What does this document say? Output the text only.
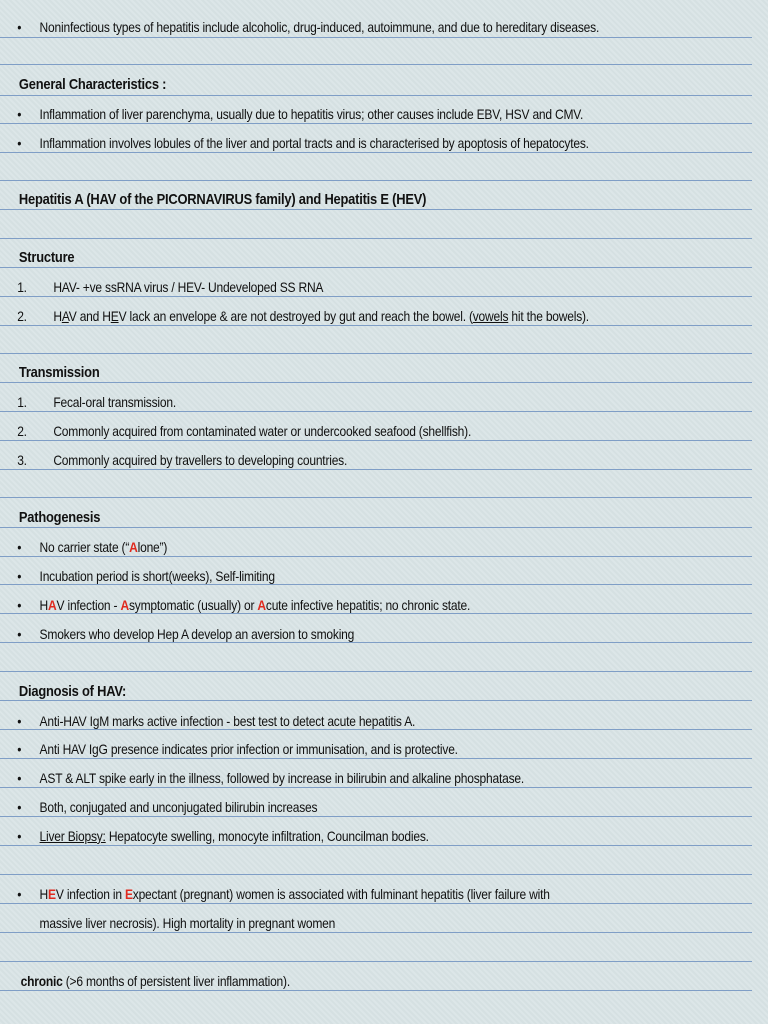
• Noninfectious types of hepatitis include alcoholic, drug-induced, autoimmune, and due to hereditary diseases.
General Characteristics :
• Inflammation of liver parenchyma, usually due to hepatitis virus; other causes include EBV, HSV and CMV.
• Inflammation involves lobules of the liver and portal tracts and is characterised by apoptosis of hepatocytes.
Hepatitis A (HAV of the PICORNAVIRUS family) and Hepatitis E (HEV)
Structure
1. HAV- +ve ssRNA virus / HEV- Undeveloped SS RNA
2. HAV and HEV lack an envelope & are not destroyed by gut and reach the bowel. (vowels hit the bowels).
Transmission
1. Fecal-oral transmission.
2. Commonly acquired from contaminated water or undercooked seafood (shellfish).
3. Commonly acquired by travellers to developing countries.
Pathogenesis
• No carrier state (“Alone”)
• Incubation period is short(weeks), Self-limiting
• HAV infection - Asymptomatic (usually) or Acute infective hepatitis; no chronic state.
• Smokers who develop Hep A develop an aversion to smoking
Diagnosis of HAV:
• Anti-HAV IgM marks active infection - best test to detect acute hepatitis A.
• Anti HAV IgG presence indicates prior infection or immunisation, and is protective.
• AST & ALT spike early in the illness, followed by increase in bilirubin and alkaline phosphatase.
• Both, conjugated and unconjugated bilirubin increases
• Liver Biopsy: Hepatocyte swelling, monocyte infiltration, Councilman bodies.
• HEV infection in Expectant (pregnant) women is associated with fulminant hepatitis (liver failure with
massive liver necrosis). High mortality in pregnant women
chronic (>6 months of persistent liver inflammation).
